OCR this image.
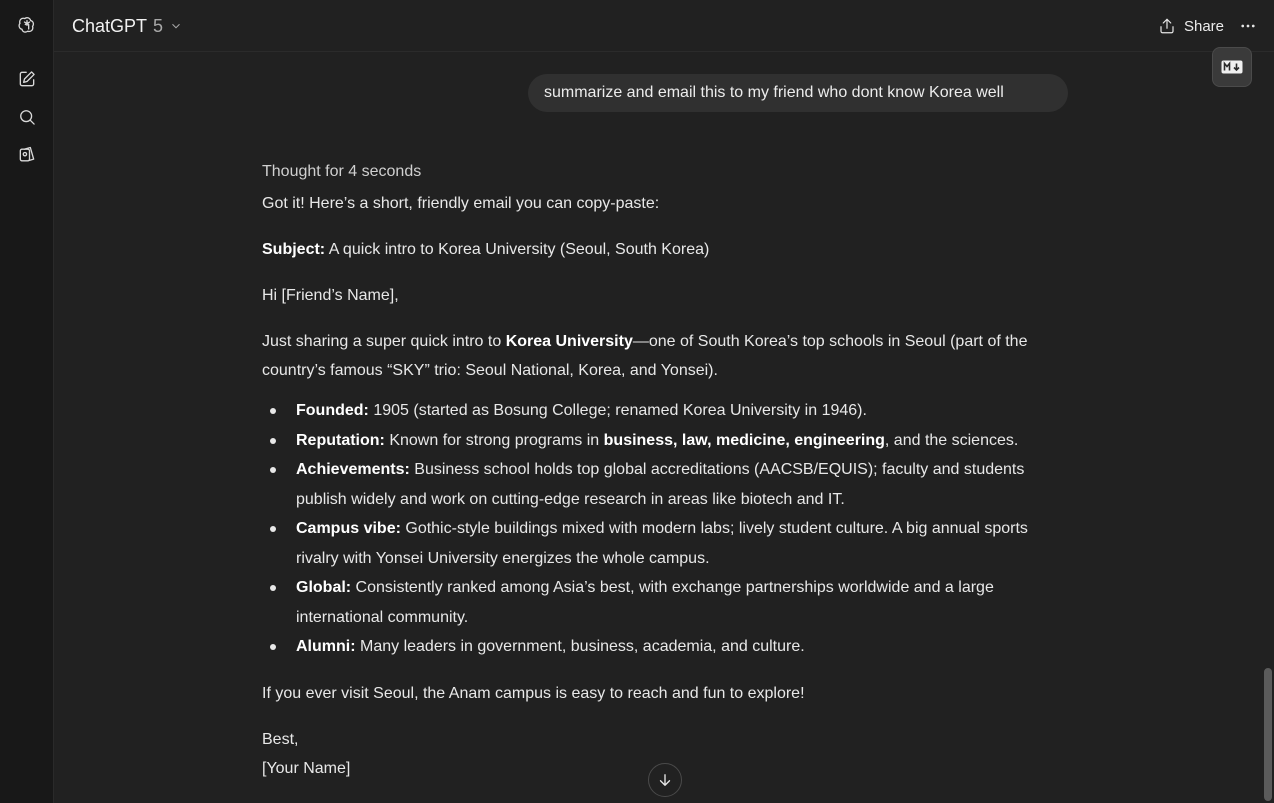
ChatGPT 5	Share
summarize and email this to my friend who dont know Korea well
Thought for 4 seconds

Got it! Here’s a short, friendly email you can copy-paste:

Subject: A quick intro to Korea University (Seoul, South Korea)

Hi [Friend’s Name],

Just sharing a super quick intro to Korea University—one of South Korea’s top schools in Seoul (part of the country’s famous “SKY” trio: Seoul National, Korea, and Yonsei).

Founded: 1905 (started as Bosung College; renamed Korea University in 1946).
Reputation: Known for strong programs in business, law, medicine, engineering, and the sciences.
Achievements: Business school holds top global accreditations (AACSB/EQUIS); faculty and students publish widely and work on cutting-edge research in areas like biotech and IT.
Campus vibe: Gothic-style buildings mixed with modern labs; lively student culture. A big annual sports rivalry with Yonsei University energizes the whole campus.
Global: Consistently ranked among Asia’s best, with exchange partnerships worldwide and a large international community.
Alumni: Many leaders in government, business, academia, and culture.

If you ever visit Seoul, the Anam campus is easy to reach and fun to explore!

Best,

[Your Name]
